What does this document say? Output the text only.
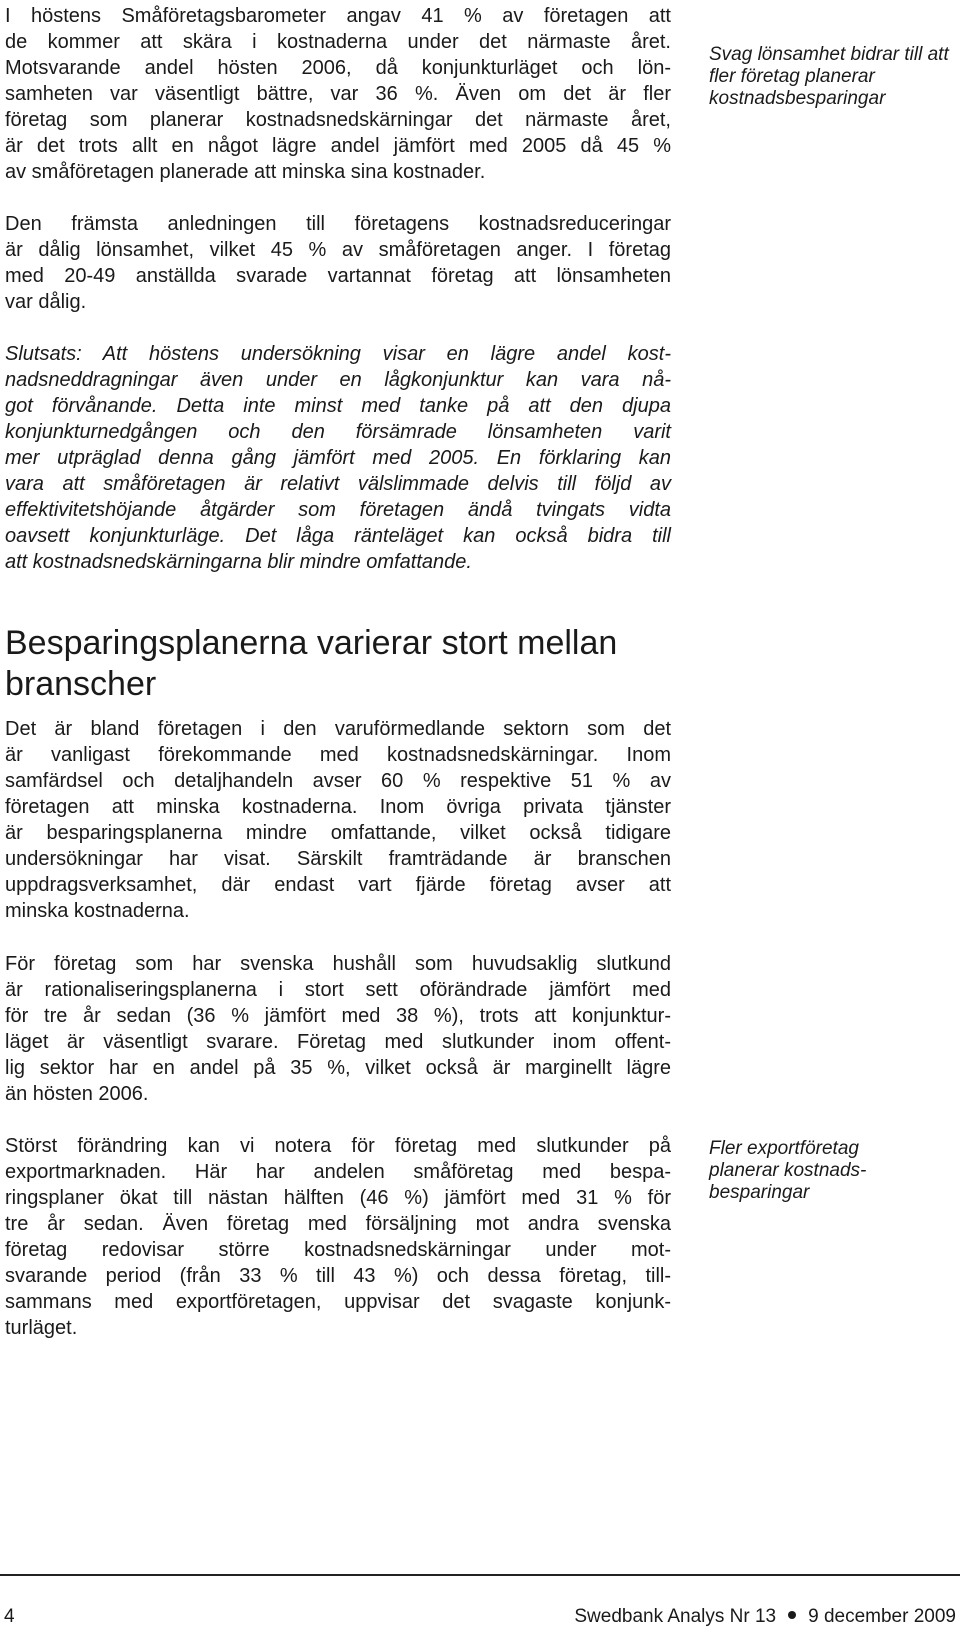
I höstens Småföretagsbarometer angav 41 % av företagen att
de kommer att skära i kostnaderna under det närmaste året.
Motsvarande andel hösten 2006, då konjunkturläget och lön-
samheten var väsentligt bättre, var 36 %. Även om det är fler
företag som planerar kostnadsnedskärningar det närmaste året,
är det trots allt en något lägre andel jämfört med 2005 då 45 %
av småföretagen planerade att minska sina kostnader.

Svag lönsamhet bidrar till att fler företag planerar kostnadsbesparingar

Den främsta anledningen till företagens kostnadsreduceringar
är dålig lönsamhet, vilket 45 % av småföretagen anger. I företag
med 20-49 anställda svarade vartannat företag att lönsamheten
var dålig.
Slutsats: Att höstens undersökning visar en lägre andel kost-
nadsneddragningar även under en lågkonjunktur kan vara nå-
got förvånande. Detta inte minst med tanke på att den djupa
konjunkturnedgången och den försämrade lönsamheten varit
mer utpräglad denna gång jämfört med 2005. En förklaring kan
vara att småföretagen är relativt välslimmade delvis till följd av
effektivitetshöjande åtgärder som företagen ändå tvingats vidta
oavsett konjunkturläge. Det låga ränteläget kan också bidra till
att kostnadsnedskärningarna blir mindre omfattande.
Besparingsplanerna varierar stort mellan branscher
Det är bland företagen i den varuförmedlande sektorn som det
är vanligast förekommande med kostnadsnedskärningar. Inom
samfärdsel och detaljhandeln avser 60 % respektive 51 % av
företagen att minska kostnaderna. Inom övriga privata tjänster
är besparingsplanerna mindre omfattande, vilket också tidigare
undersökningar har visat. Särskilt framträdande är branschen
uppdragsverksamhet, där endast vart fjärde företag avser att
minska kostnaderna.
För företag som har svenska hushåll som huvudsaklig slutkund
är rationaliseringsplanerna i stort sett oförändrade jämfört med
för tre år sedan (36 % jämfört med 38 %), trots att konjunktur-
läget är väsentligt svarare. Företag med slutkunder inom offent-
lig sektor har en andel på 35 %, vilket också är marginellt lägre
än hösten 2006.
Störst förändring kan vi notera för företag med slutkunder på
exportmarknaden. Här har andelen småföretag med bespa-
ringsplaner ökat till nästan hälften (46 %) jämfört med 31 % för
tre år sedan. Även företag med försäljning mot andra svenska
företag redovisar större kostnadsnedskärningar under mot-
svarande period (från 33 % till 43 %) och dessa företag, till-
sammans med exportföretagen, uppvisar det svagaste konjunk-
turläget.

Fler exportföretag planerar kostnads-besparingar

4	Swedbank Analys Nr 13 9 december 2009
